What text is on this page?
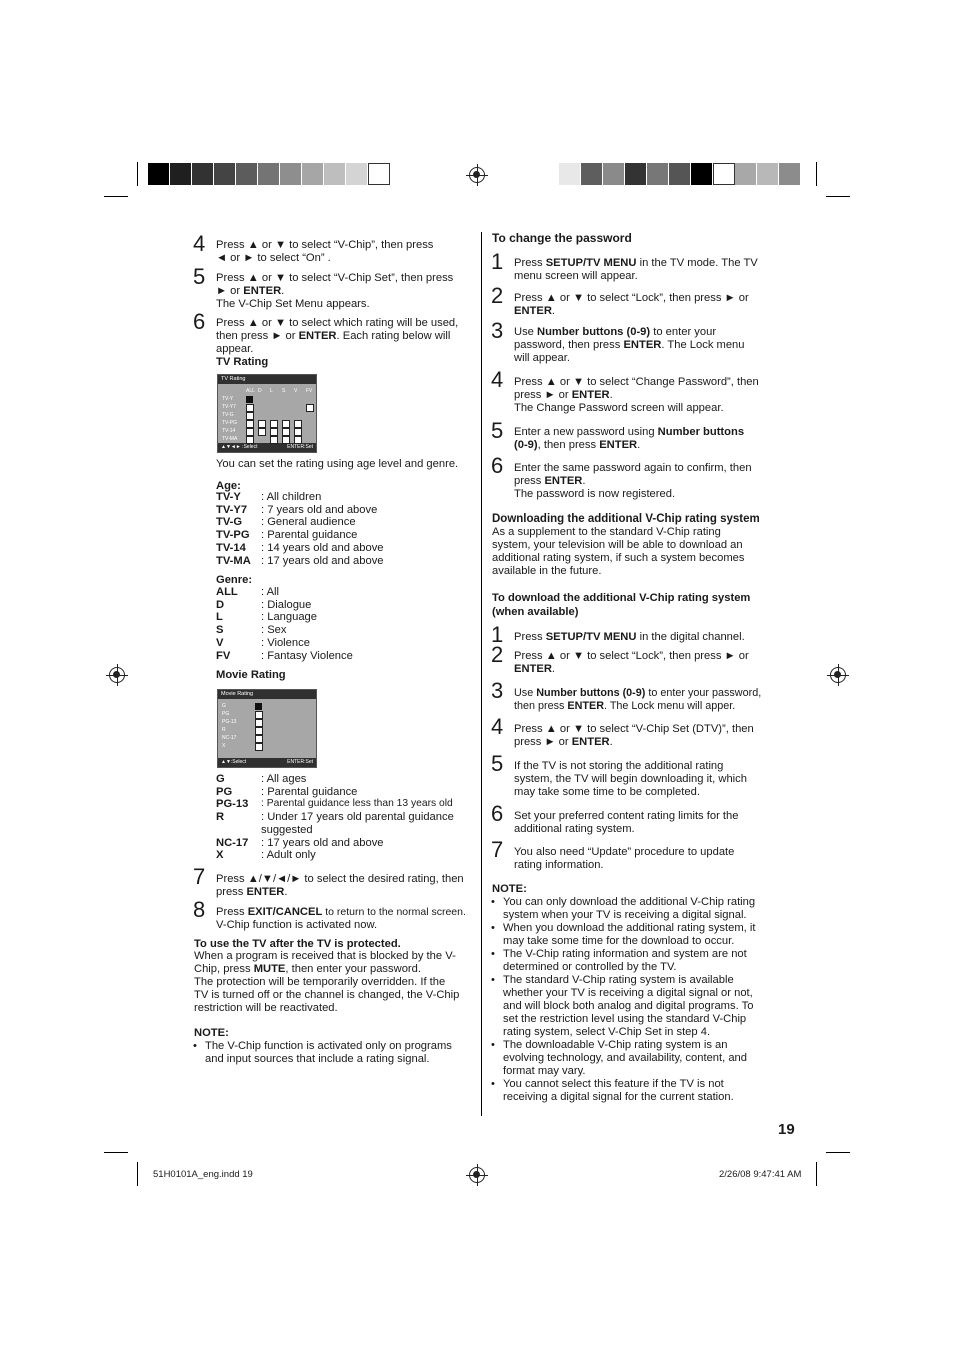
4 Press ▲ or ▼ to select “V-Chip”, then press ◄ or ► to select “On” .
5 Press ▲ or ▼ to select “V-Chip Set”, then press
► or ENTER.
The V-Chip Set Menu appears.
6 Press ▲ or ▼ to select which rating will be used,
then press ► or ENTER. Each rating below will
appear.
TV Rating
TV Rating
ALL D L S V FV
TV-Y
TV-Y7
TV-G
TV-PG
TV-14
TV-MA
▲▼◄► :Select	ENTER:Set
You can set the rating using age level and genre.
Age:
TV-Y	: All children
TV-Y7	: 7 years old and above
TV-G	: General audience
TV-PG	: Parental guidance
TV-14	: 14 years old and above
TV-MA : 17 years old and above
Genre:
ALL	: All
D	: Dialogue
L	: Language
S	: Sex
V	: Violence
FV	: Fantasy Violence
Movie Rating
Movie Rating
G
PG
PG-13
R
NC-17
X
▲▼:Select	ENTER:Set
G	: All ages
PG	: Parental guidance
PG-13	: Parental guidance less than 13 years old
R	: Under 17 years old parental guidance
suggested
NC-17	: 17 years old and above
X	: Adult only
7 Press ▲/▼/◄/► to select the desired rating, then
press ENTER.
8 Press EXIT/CANCEL to return to the normal screen.
V-Chip function is activated now.
To use the TV after the TV is protected.
When a program is received that is blocked by the V-
Chip, press MUTE, then enter your password.
The protection will be temporarily overridden. If the
TV is turned off or the channel is changed, the V-Chip
restriction will be reactivated.
NOTE:
• The V-Chip function is activated only on programs
and input sources that include a rating signal.
To change the password
1 Press SETUP/TV MENU in the TV mode. The TV
menu screen will appear.
2 Press ▲ or ▼ to select “Lock”, then press ► or
ENTER.
3 Use Number buttons (0-9) to enter your
password, then press ENTER. The Lock menu
will appear.
4 Press ▲ or ▼ to select “Change Password”, then
press ► or ENTER.
The Change Password screen will appear.
5 Enter a new password using Number buttons
(0-9), then press ENTER.
6 Enter the same password again to confirm, then
press ENTER.
The password is now registered.
Downloading the additional V-Chip rating system
As a supplement to the standard V-Chip rating
system, your television will be able to download an
additional rating system, if such a system becomes
available in the future.
To download the additional V-Chip rating system
(when available)
1 Press SETUP/TV MENU in the digital channel.
2 Press ▲ or ▼ to select “Lock”, then press ► or
ENTER.
3 Use Number buttons (0-9) to enter your password,
then press ENTER. The Lock menu will apper.
4 Press ▲ or ▼ to select “V-Chip Set (DTV)”, then
press ► or ENTER.
5 If the TV is not storing the additional rating
system, the TV will begin downloading it, which
may take some time to be completed.
6 Set your preferred content rating limits for the
additional rating system.
7 You also need “Update” procedure to update
rating information.
NOTE:
• You can only download the additional V-Chip rating
system when your TV is receiving a digital signal.
• When you download the additional rating system, it
may take some time for the download to occur.
• The V-Chip rating information and system are not
determined or controlled by the TV.
• The standard V-Chip rating system is available
whether your TV is receiving a digital signal or not,
and will block both analog and digital programs. To
set the restriction level using the standard V-Chip
rating system, select V-Chip Set in step 4.
• The downloadable V-Chip rating system is an
evolving technology, and availability, content, and
format may vary.
• You cannot select this feature if the TV is not
receiving a digital signal for the current station.
19
51H0101A_eng.indd 19	2/26/08 9:47:41 AM
